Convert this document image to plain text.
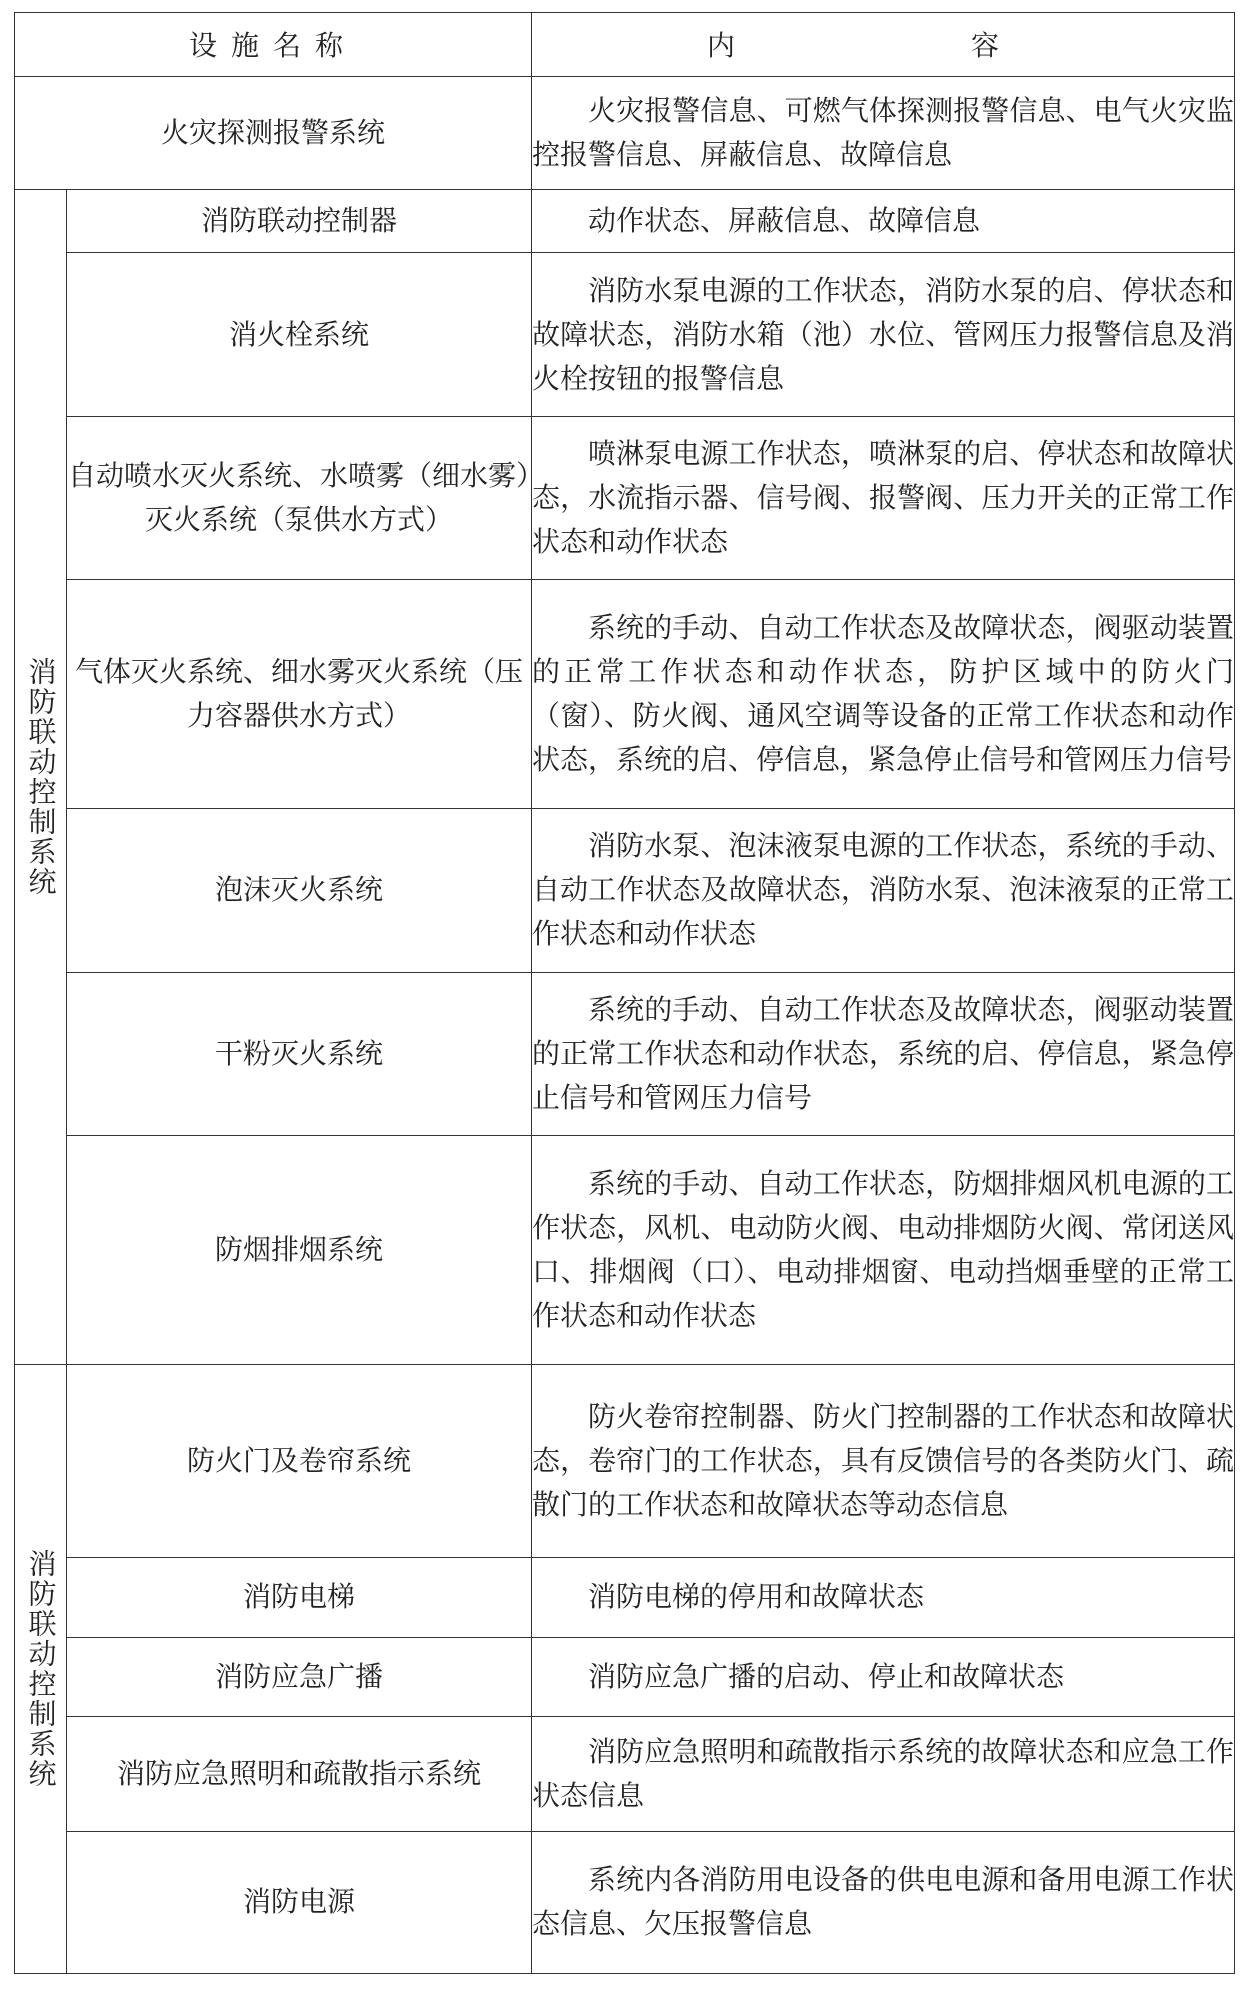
设施名称		内　　容
火灾探测报警系统		火灾报警信息、可燃气体探测报警信息、电气火灾监控报警信息、屏蔽信息、故障信息

消防联动控制系统	消防联动控制器	动作状态、屏蔽信息、故障信息

	消火栓系统	消防水泵电源的工作状态，消防水泵的启、停状态和故障状态，消防水箱（池）水位、管网压力报警信息及消火栓按钮的报警信息

	自动喷水灭火系统、水喷雾（细水雾）灭火系统（泵供水方式）	喷淋泵电源工作状态，喷淋泵的启、停状态和故障状态，水流指示器、信号阀、报警阀、压力开关的正常工作状态和动作状态

	气体灭火系统、细水雾灭火系统（压力容器供水方式）	系统的手动、自动工作状态及故障状态，阀驱动装置的正常工作状态和动作状态，防护区域中的防火门（窗）、防火阀、通风空调等设备的正常工作状态和动作状态，系统的启、停信息，紧急停止信号和管网压力信号

	泡沫灭火系统	消防水泵、泡沫液泵电源的工作状态，系统的手动、自动工作状态及故障状态，消防水泵、泡沫液泵的正常工作状态和动作状态

	干粉灭火系统	系统的手动、自动工作状态及故障状态，阀驱动装置的正常工作状态和动作状态，系统的启、停信息，紧急停止信号和管网压力信号

	防烟排烟系统	系统的手动、自动工作状态，防烟排烟风机电源的工作状态，风机、电动防火阀、电动排烟防火阀、常闭送风口、排烟阀（口）、电动排烟窗、电动挡烟垂壁的正常工作状态和动作状态

消防联动控制系统	防火门及卷帘系统	防火卷帘控制器、防火门控制器的工作状态和故障状态，卷帘门的工作状态，具有反馈信号的各类防火门、疏散门的工作状态和故障状态等动态信息

	消防电梯	消防电梯的停用和故障状态

	消防应急广播	消防应急广播的启动、停止和故障状态

	消防应急照明和疏散指示系统	消防应急照明和疏散指示系统的故障状态和应急工作状态信息

	消防电源	系统内各消防用电设备的供电电源和备用电源工作状态信息、欠压报警信息
